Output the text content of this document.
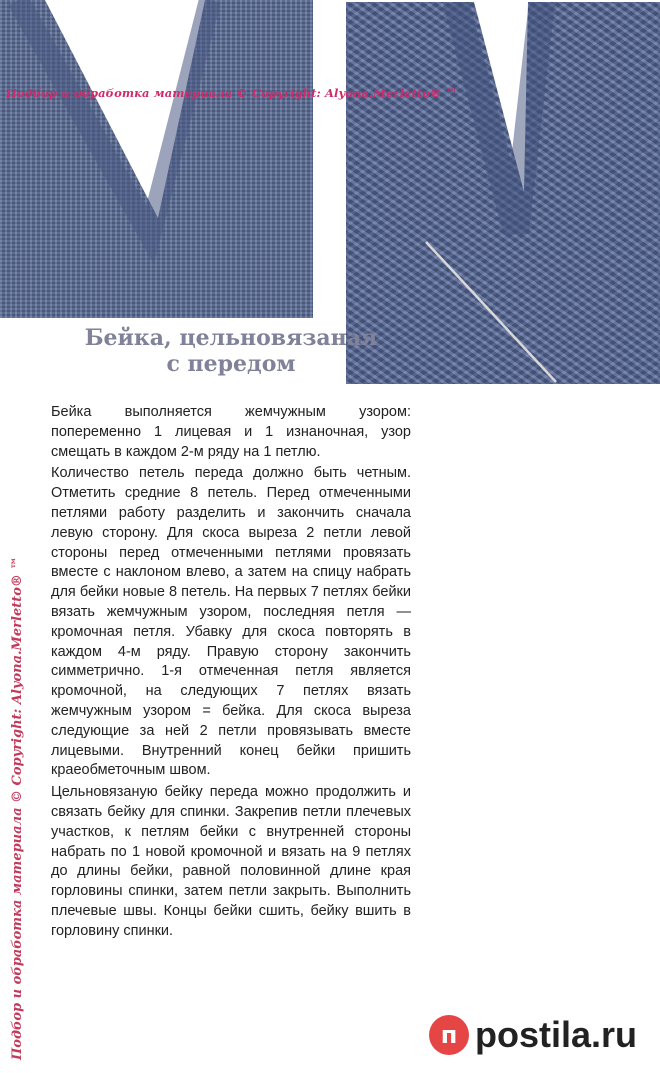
Подбор и обработка материала © Copyright: Alyona.Merletto® ™
Бейка, цельновязаная
с передом

Бейка выполняется жемчужным узором: попеременно 1 лицевая и 1 изнаночная, узор смещать в каждом 2-м ряду на 1 петлю.

Количество петель переда должно быть четным. Отметить средние 8 петель. Перед отмеченными петлями работу разделить и закончить сначала левую сторону. Для скоса выреза 2 петли левой стороны перед отмеченными петлями провязать вместе с наклоном влево, а затем на спицу набрать для бейки новые 8 петель. На первых 7 петлях бейки вязать жемчужным узором, последняя петля — кромочная петля. Убавку для скоса повторять в каждом 4-м ряду. Правую сторону закончить симметрично. 1-я отмеченная петля является кромочной, на следующих 7 петлях вязать жемчужным узором = бейка. Для скоса выреза следующие за ней 2 петли провязывать вместе лицевыми. Внутренний конец бейки пришить краеобметочным швом.

Цельновязаную бейку переда можно продолжить и связать бейку для спинки. Закрепив петли плечевых участков, к петлям бейки с внутренней стороны набрать по 1 новой кромочной и вязать на 9 петлях до длины бейки, равной половинной длине края горловины спинки, затем петли закрыть. Выполнить плечевые швы. Концы бейки сшить, бейку вшить в горловину спинки.

Подбор и обработка материала © Copyright: Alyona.Merletto® ™	п postila.ru
